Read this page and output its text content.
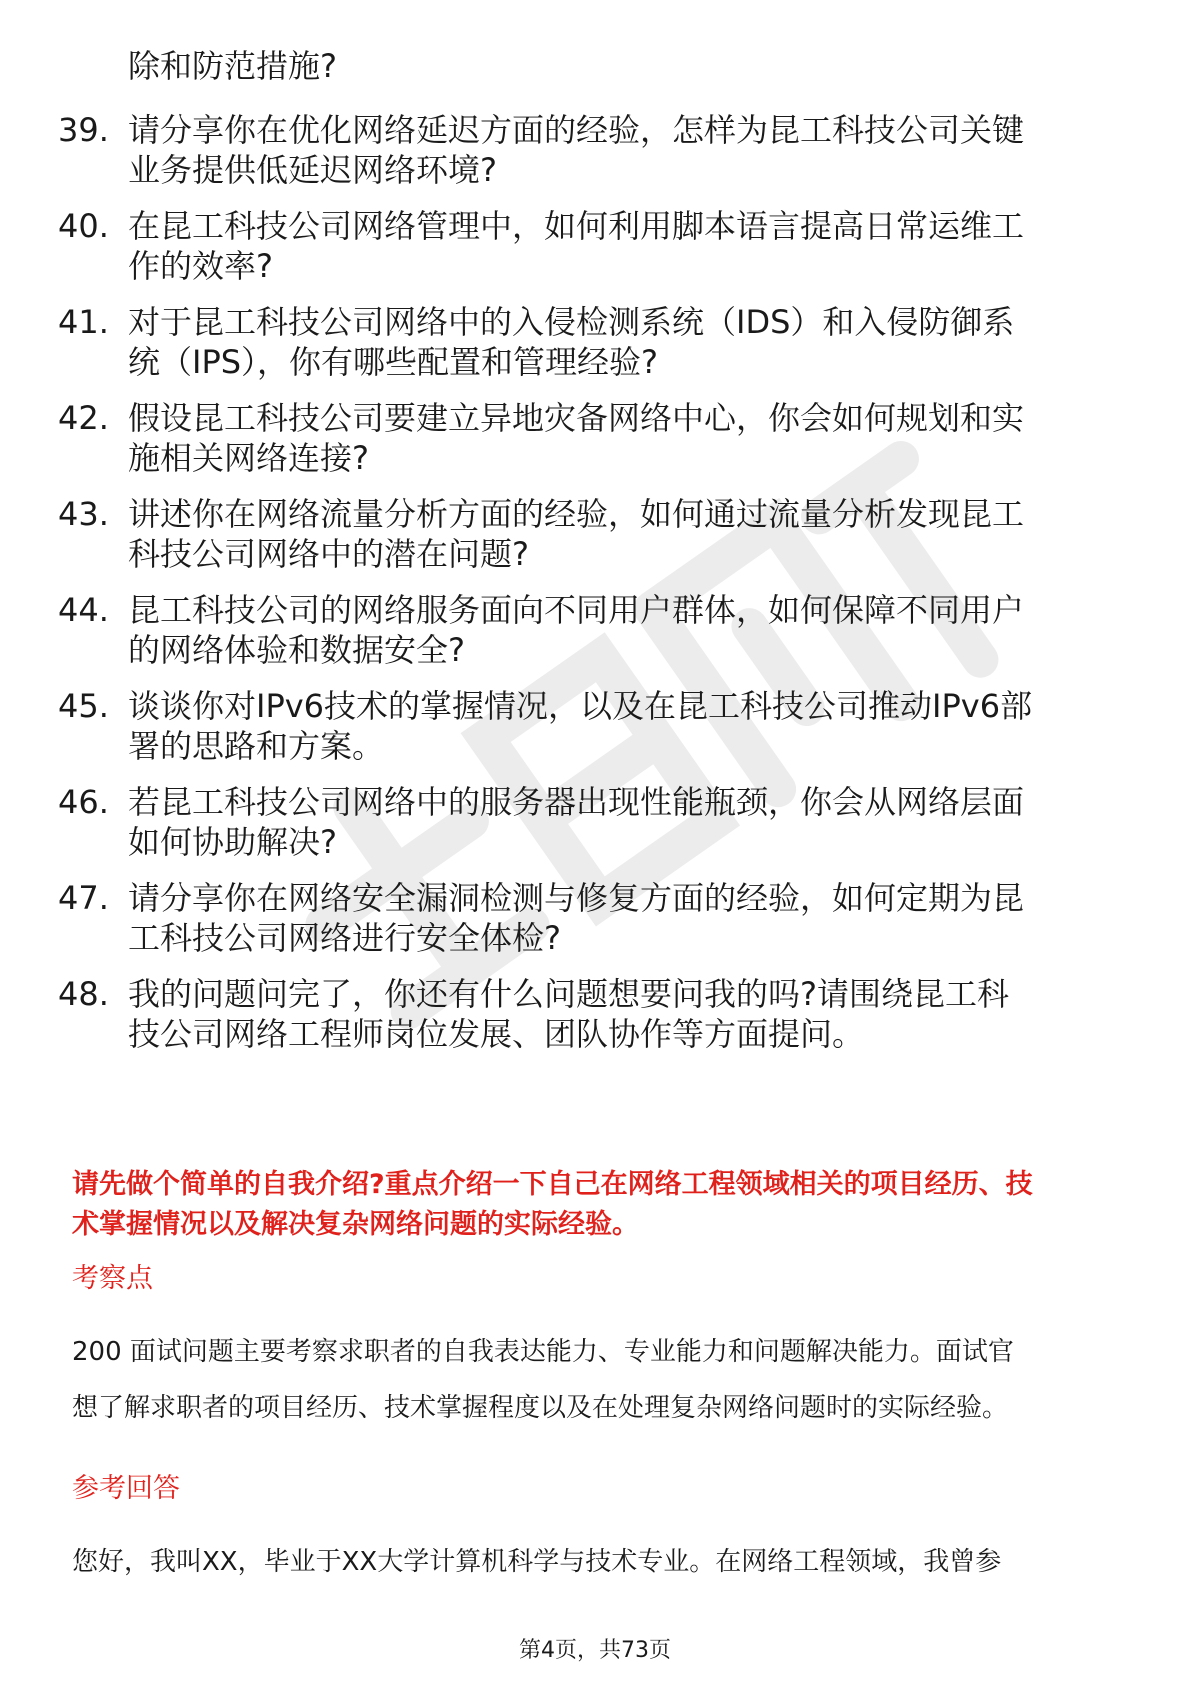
除和防范措施?
39. 请分享你在优化网络延迟方面的经验，怎样为昆工科技公司关键
业务提供低延迟网络环境?
40. 在昆工科技公司网络管理中，如何利用脚本语言提高日常运维工
作的效率?
41. 对于昆工科技公司网络中的入侵检测系统（IDS）和入侵防御系
统（IPS），你有哪些配置和管理经验?
42. 假设昆工科技公司要建立异地灾备网络中心，你会如何规划和实
施相关网络连接?
43. 讲述你在网络流量分析方面的经验，如何通过流量分析发现昆工
科技公司网络中的潜在问题?
44. 昆工科技公司的网络服务面向不同用户群体，如何保障不同用户
的网络体验和数据安全?
45. 谈谈你对IPv6技术的掌握情况，以及在昆工科技公司推动IPv6部
署的思路和方案。
46. 若昆工科技公司网络中的服务器出现性能瓶颈，你会从网络层面
如何协助解决?
47. 请分享你在网络安全漏洞检测与修复方面的经验，如何定期为昆
工科技公司网络进行安全体检?
48. 我的问题问完了，你还有什么问题想要问我的吗?请围绕昆工科
技公司网络工程师岗位发展、团队协作等方面提问。
请先做个简单的自我介绍?重点介绍一下自己在网络工程领域相关的项目经历、技
术掌握情况以及解决复杂网络问题的实际经验。
考察点
200 面试问题主要考察求职者的自我表达能力、专业能力和问题解决能力。面试官
想了解求职者的项目经历、技术掌握程度以及在处理复杂网络问题时的实际经验。
参考回答
您好，我叫XX，毕业于XX大学计算机科学与技术专业。在网络工程领域，我曾参
第4页，共73页
